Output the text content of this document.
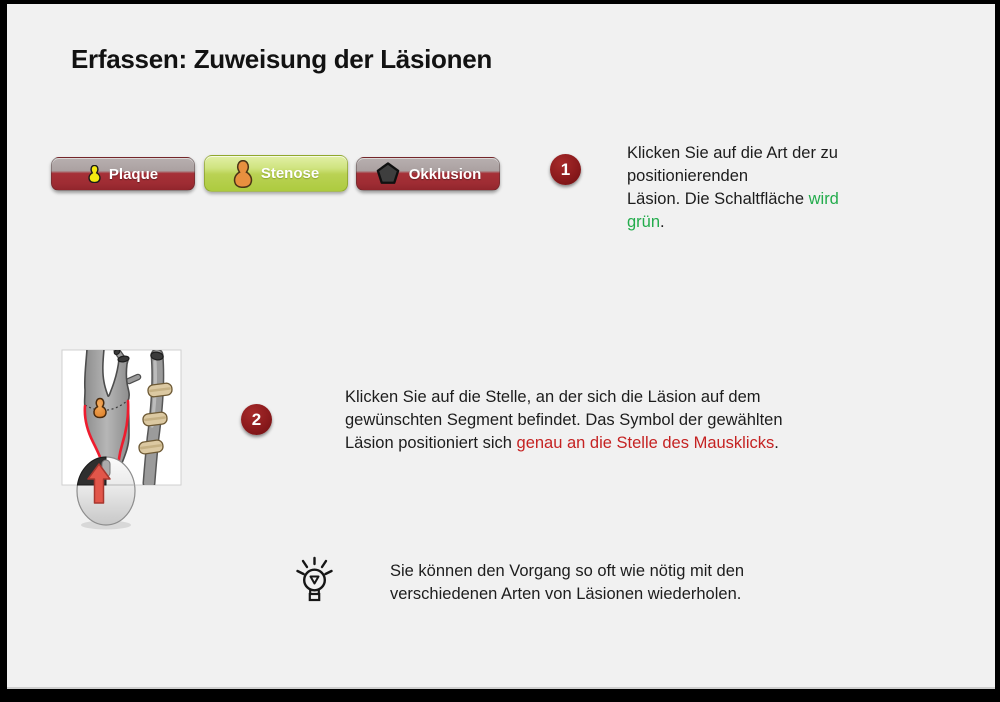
Erfassen: Zuweisung der Läsionen
Plaque	Stenose	Okklusion	1
Klicken Sie auf die Art der zu
positionierenden
Läsion. Die Schaltfläche wird
grün.
2
Klicken Sie auf die Stelle, an der sich die Läsion auf dem
gewünschten Segment befindet. Das Symbol der gewählten
Läsion positioniert sich genau an die Stelle des Mausklicks.
Sie können den Vorgang so oft wie nötig mit den
verschiedenen Arten von Läsionen wiederholen.
